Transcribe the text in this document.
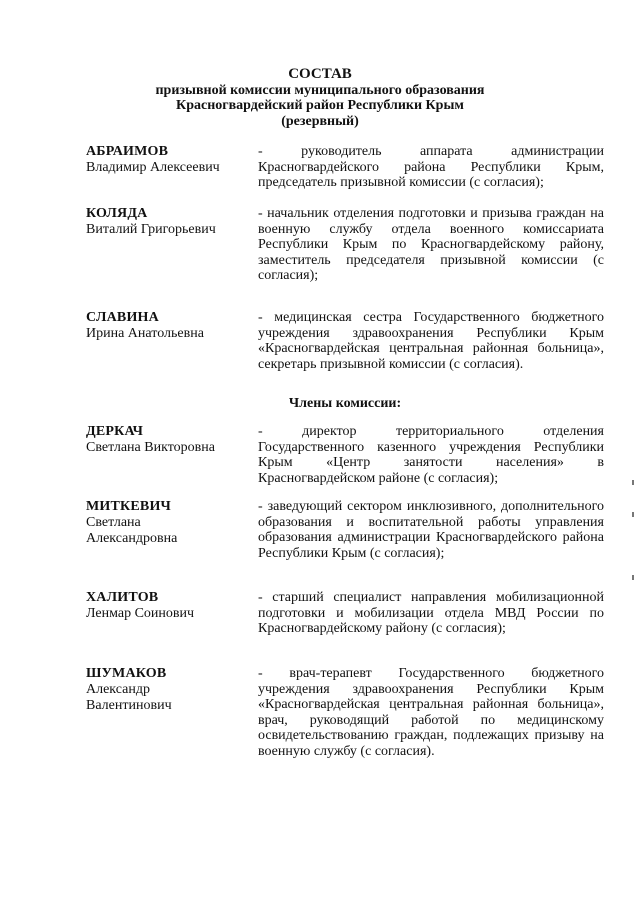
СОСТАВ
призывной комиссии муниципального образования
Красногвардейский район Республики Крым
(резервный)
АБРАИМОВ
Владимир Алексеевич
- руководитель аппарата администрации Красногвардейского района Республики Крым, председатель призывной комиссии (с согласия);
КОЛЯДА
Виталий Григорьевич
- начальник отделения подготовки и призыва граждан на военную службу отдела военного комиссариата Республики Крым по Красногвардейскому району, заместитель председателя призывной комиссии (с согласия);
СЛАВИНА
Ирина Анатольевна
- медицинская сестра Государственного бюджетного учреждения здравоохранения Республики Крым «Красногвардейская центральная районная больница», секретарь призывной комиссии (с согласия).
Члены комиссии:
ДЕРКАЧ
Светлана Викторовна
- директор территориального отделения Государственного казенного учреждения Республики Крым «Центр занятости населения» в Красногвардейском районе (с согласия);
МИТКЕВИЧ
Светлана
Александровна
- заведующий сектором инклюзивного, дополнительного образования и воспитательной работы управления образования администрации Красногвардейского района Республики Крым (с согласия);
ХАЛИТОВ
Ленмар Соинович
- старший специалист направления мобилизационной подготовки и мобилизации отдела МВД России по Красногвардейскому району (с согласия);
ШУМАКОВ
Александр
Валентинович
- врач-терапевт Государственного бюджетного учреждения здравоохранения Республики Крым «Красногвардейская центральная районная больница», врач, руководящий работой по медицинскому освидетельствованию граждан, подлежащих призыву на военную службу (с согласия).
